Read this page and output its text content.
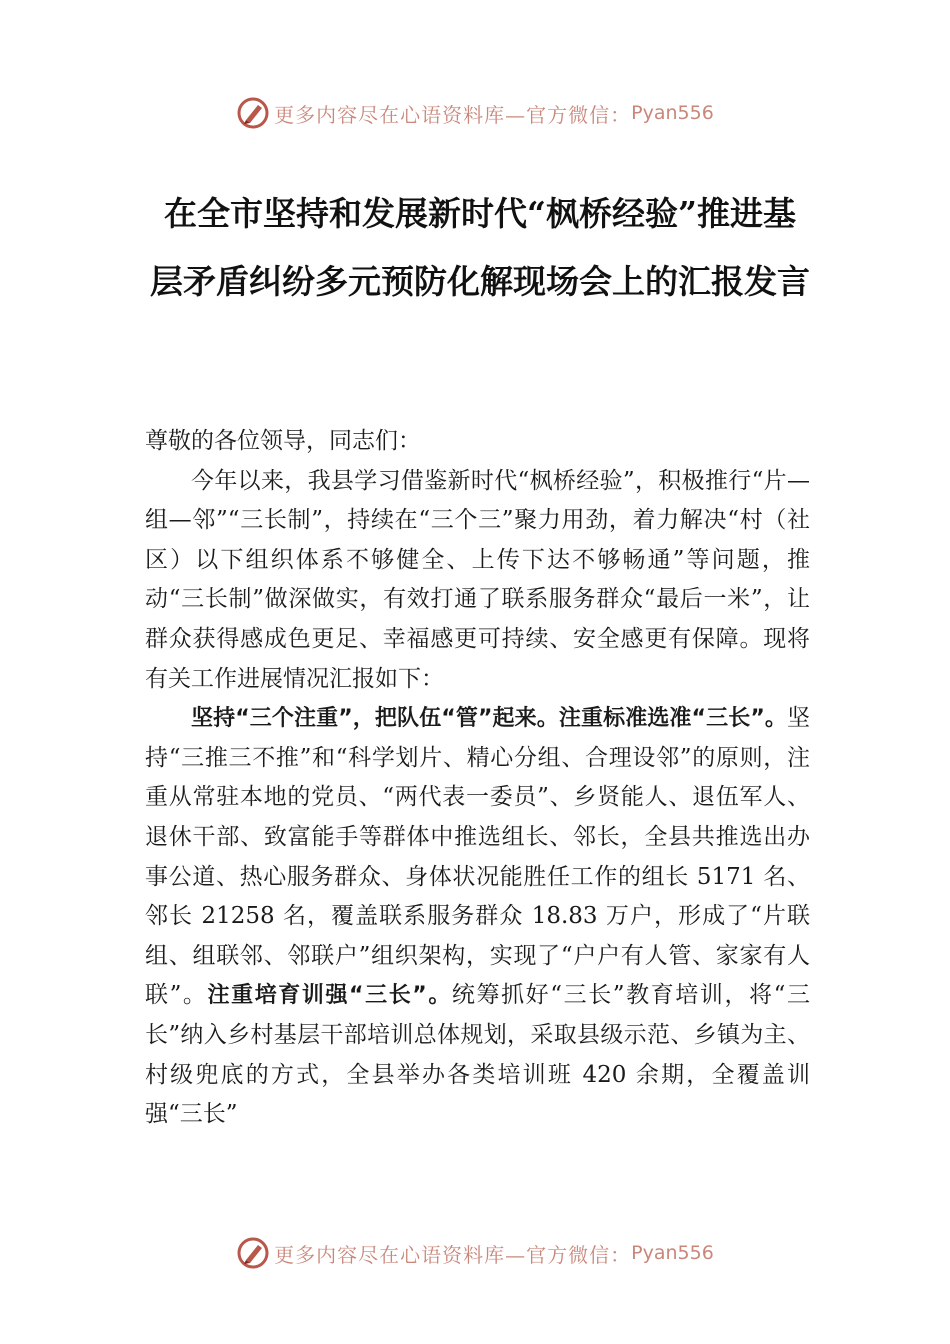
更多内容尽在心语资料库—官方微信： Pyan556
在全市坚持和发展新时代“枫桥经验”推进基层矛盾纠纷多元预防化解现场会上的汇报发言

尊敬的各位领导，同志们：

今年以来，我县学习借鉴新时代“枫桥经验”，积极推行“片—组—邻”“三长制”，持续在“三个三”聚力用劲，着力解决“村（社区）以下组织体系不够健全、上传下达不够畅通”等问题，推动“三长制”做深做实，有效打通了联系服务群众“最后一米”，让群众获得感成色更足、幸福感更可持续、安全感更有保障。现将有关工作进展情况汇报如下：

坚持“三个注重”，把队伍“管”起来。注重标准选准“三长”。坚持“三推三不推”和“科学划片、精心分组、合理设邻”的原则，注重从常驻本地的党员、“两代表一委员”、乡贤能人、退伍军人、退休干部、致富能手等群体中推选组长、邻长，全县共推选出办事公道、热心服务群众、身体状况能胜任工作的组长 5171 名、邻长 21258 名，覆盖联系服务群众 18.83 万户，形成了“片联组、组联邻、邻联户”组织架构，实现了“户户有人管、家家有人联”。注重培育训强“三长”。统筹抓好“三长”教育培训，将“三长”纳入乡村基层干部培训总体规划，采取县级示范、乡镇为主、村级兜底的方式，全县举办各类培训班 420 余期，全覆盖训强“三长”

更多内容尽在心语资料库—官方微信： Pyan556
